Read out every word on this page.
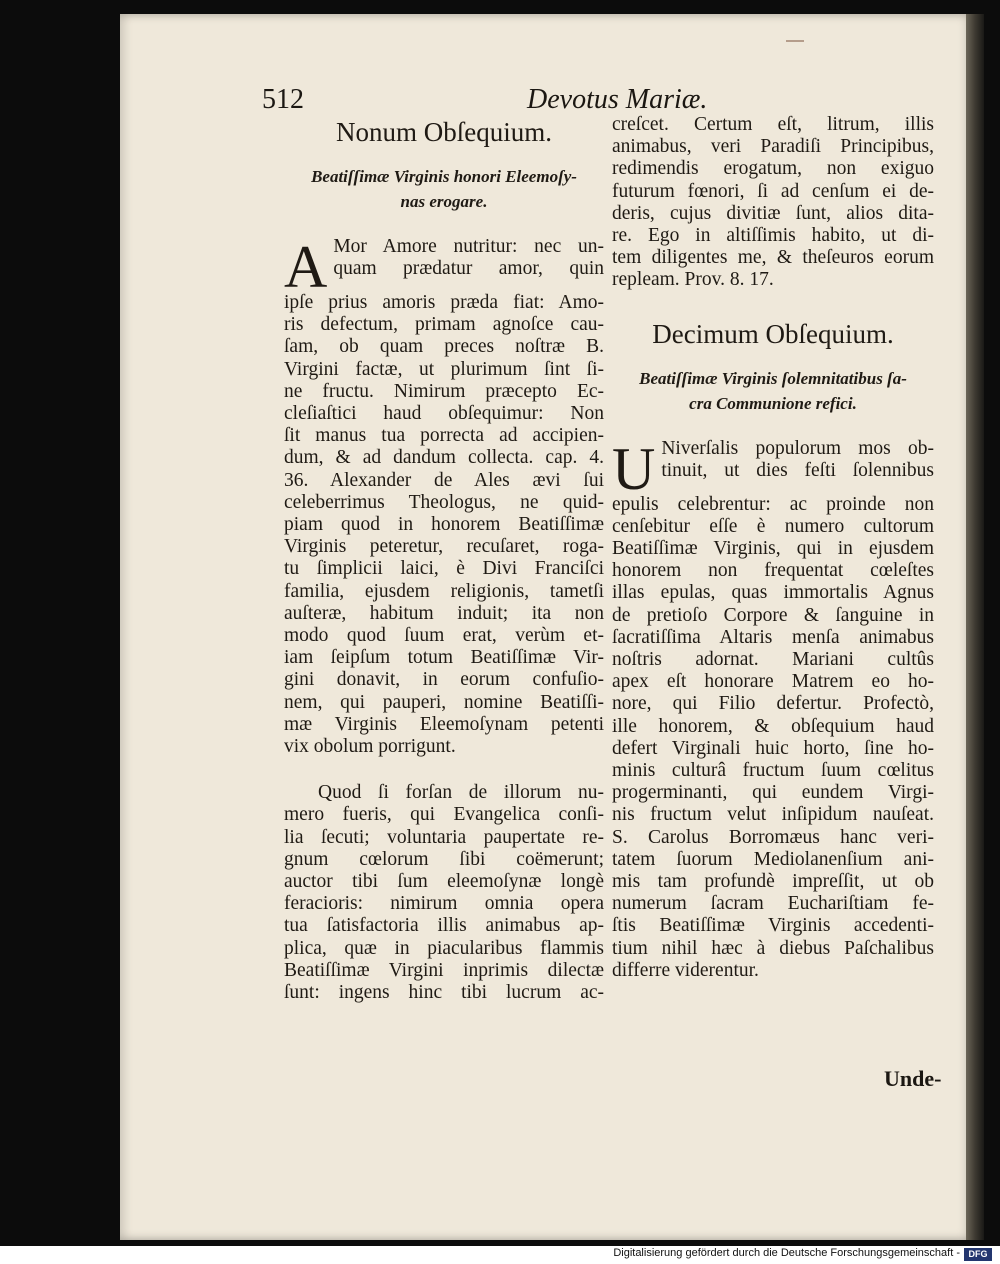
512	Devotus Mariæ.
Nonum Obſequium.
Beatiſſimæ Virginis honori Eleemoſy-
nas erogare.
A Mor Amore nutritur: nec un-
quam prædatur amor, quin
ipſe prius amoris præda fiat: Amo-
ris defectum, primam agnoſce cau-
ſam, ob quam preces noſtræ B.
Virgini factæ, ut plurimum ſint ſi-
ne fructu. Nimirum præcepto Ec-
cleſiaſtici haud obſequimur: Non
ſit manus tua porrecta ad accipien-
dum, & ad dandum collecta. cap. 4.
36. Alexander de Ales ævi ſui
celeberrimus Theologus, ne quid-
piam quod in honorem Beatiſſimæ
Virginis peteretur, recuſaret, roga-
tu ſimplicii laici, è Divi Franciſci
familia, ejusdem religionis, tametſi
auſteræ, habitum induit; ita non
modo quod ſuum erat, verùm et-
iam ſeipſum totum Beatiſſimæ Vir-
gini donavit, in eorum confuſio-
nem, qui pauperi, nomine Beatiſſi-
mæ Virginis Eleemoſynam petenti
vix obolum porrigunt.
Quod ſi forſan de illorum nu-
mero fueris, qui Evangelica conſi-
lia ſecuti; voluntaria paupertate re-
gnum cœlorum ſibi coëmerunt;
auctor tibi ſum eleemoſynæ longè
feracioris: nimirum omnia opera
tua ſatisfactoria illis animabus ap-
plica, quæ in piacularibus flammis
Beatiſſimæ Virgini inprimis dilectæ
ſunt: ingens hinc tibi lucrum ac-
creſcet. Certum eſt, litrum, illis
animabus, veri Paradiſi Principibus,
redimendis erogatum, non exiguo
futurum fœnori, ſi ad cenſum ei de-
deris, cujus divitiæ ſunt, alios dita-
re. Ego in altiſſimis habito, ut di-
tem diligentes me, & theſeuros eorum
repleam. Prov. 8. 17.
Decimum Obſequium.
Beatiſſimæ Virginis ſolemnitatibus ſa-
cra Communione refici.
U Niverſalis populorum mos ob-
tinuit, ut dies feſti ſolennibus
epulis celebrentur: ac proinde non
cenſebitur eſſe è numero cultorum
Beatiſſimæ Virginis, qui in ejusdem
honorem non frequentat cœleſtes
illas epulas, quas immortalis Agnus
de pretioſo Corpore & ſanguine in
ſacratiſſima Altaris menſa animabus
noſtris adornat. Mariani cultûs
apex eſt honorare Matrem eo ho-
nore, qui Filio defertur. Profectò,
ille honorem, & obſequium haud
defert Virginali huic horto, ſine ho-
minis culturâ fructum ſuum cœlitus
progerminanti, qui eundem Virgi-
nis fructum velut inſipidum nauſeat.
S. Carolus Borromæus hanc veri-
tatem ſuorum Mediolanenſium ani-
mis tam profundè impreſſit, ut ob
numerum ſacram Euchariſtiam fe-
ſtis Beatiſſimæ Virginis accedenti-
tium nihil hæc à diebus Paſchalibus
differre viderentur.
Unde-
Digitalisierung gefördert durch die Deutsche Forschungsgemeinschaft - DFG
